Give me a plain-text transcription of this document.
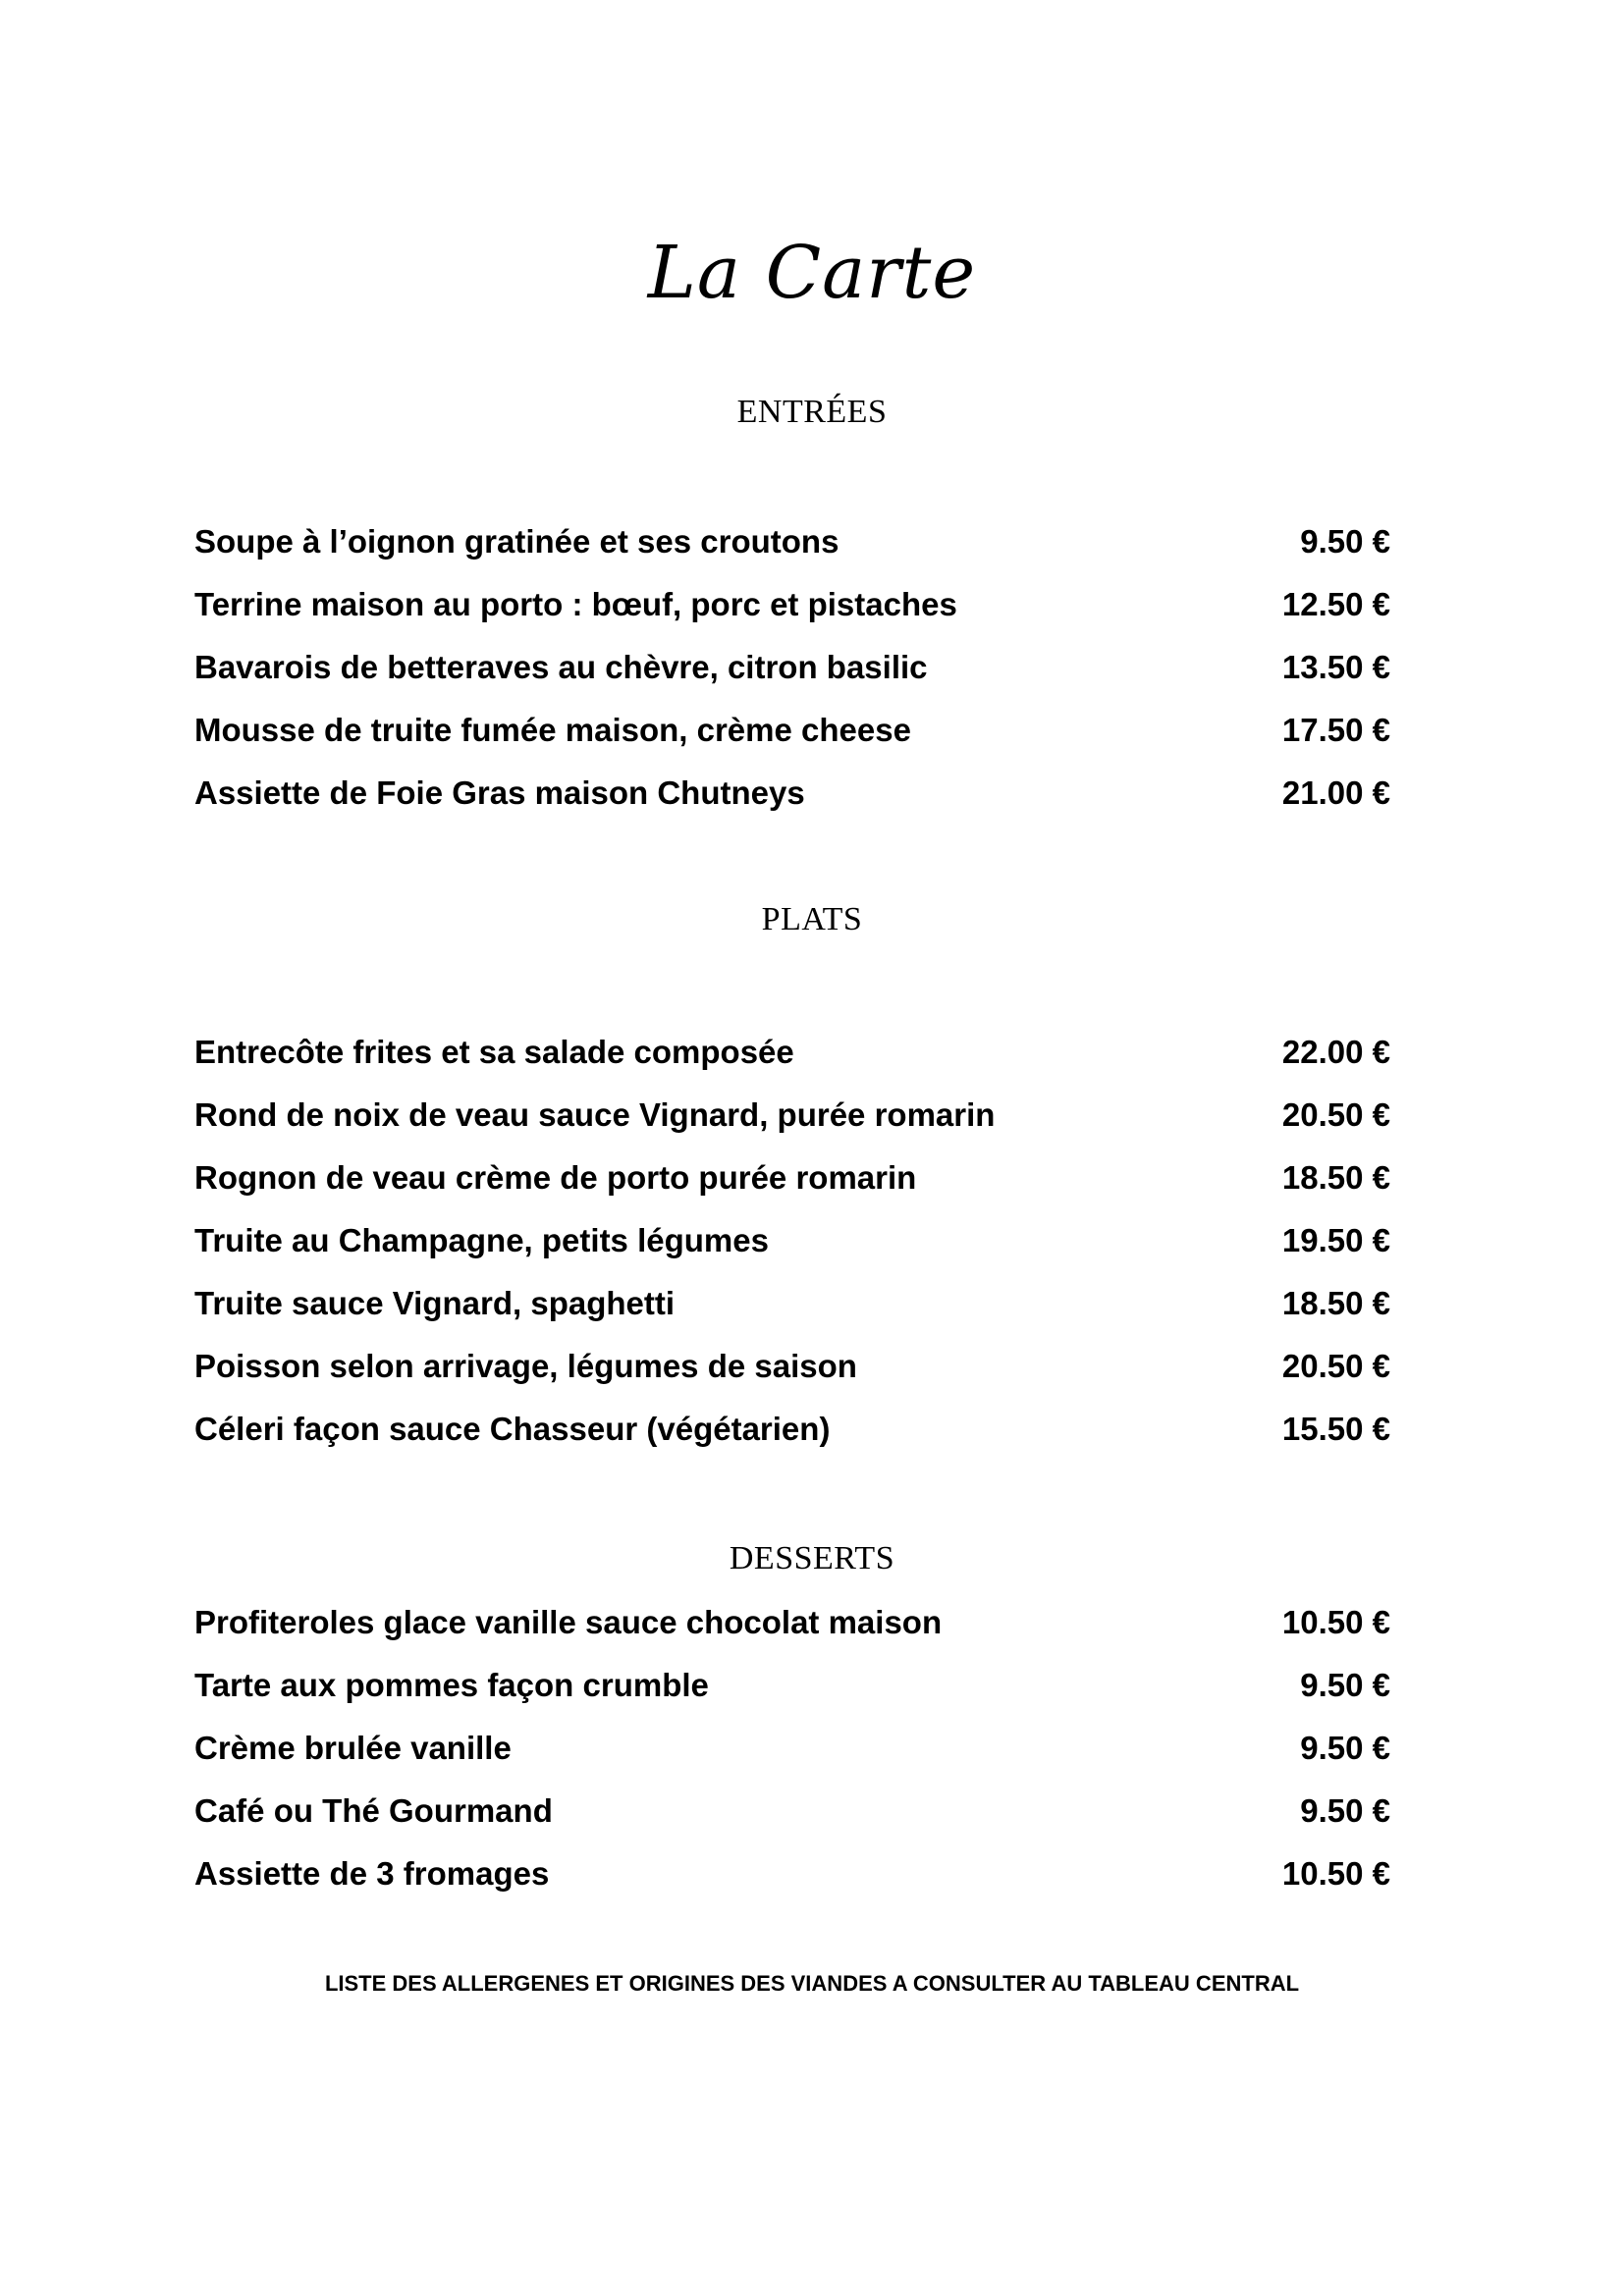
La Carte
ENTRÉES
Soupe à l’oignon gratinée et ses croutons	9.50 €
Terrine maison au porto : bœuf, porc et pistaches	12.50 €
Bavarois de betteraves au chèvre, citron basilic	13.50 €
Mousse de truite fumée maison, crème cheese	17.50 €
Assiette de Foie Gras maison Chutneys	21.00 €
PLATS
Entrecôte frites et sa salade composée	22.00 €
Rond de noix de veau sauce Vignard, purée romarin	20.50 €
Rognon de veau crème de porto purée romarin	18.50 €
Truite au Champagne, petits légumes	19.50 €
Truite sauce Vignard, spaghetti	18.50 €
Poisson selon arrivage, légumes de saison	20.50 €
Céleri façon sauce Chasseur (végétarien)	15.50 €
DESSERTS
Profiteroles glace vanille sauce chocolat maison	10.50 €
Tarte aux pommes façon crumble	9.50 €
Crème brulée vanille	9.50 €
Café ou Thé Gourmand	9.50 €
Assiette de 3 fromages	10.50 €
LISTE DES ALLERGENES ET ORIGINES DES VIANDES A CONSULTER AU TABLEAU CENTRAL
